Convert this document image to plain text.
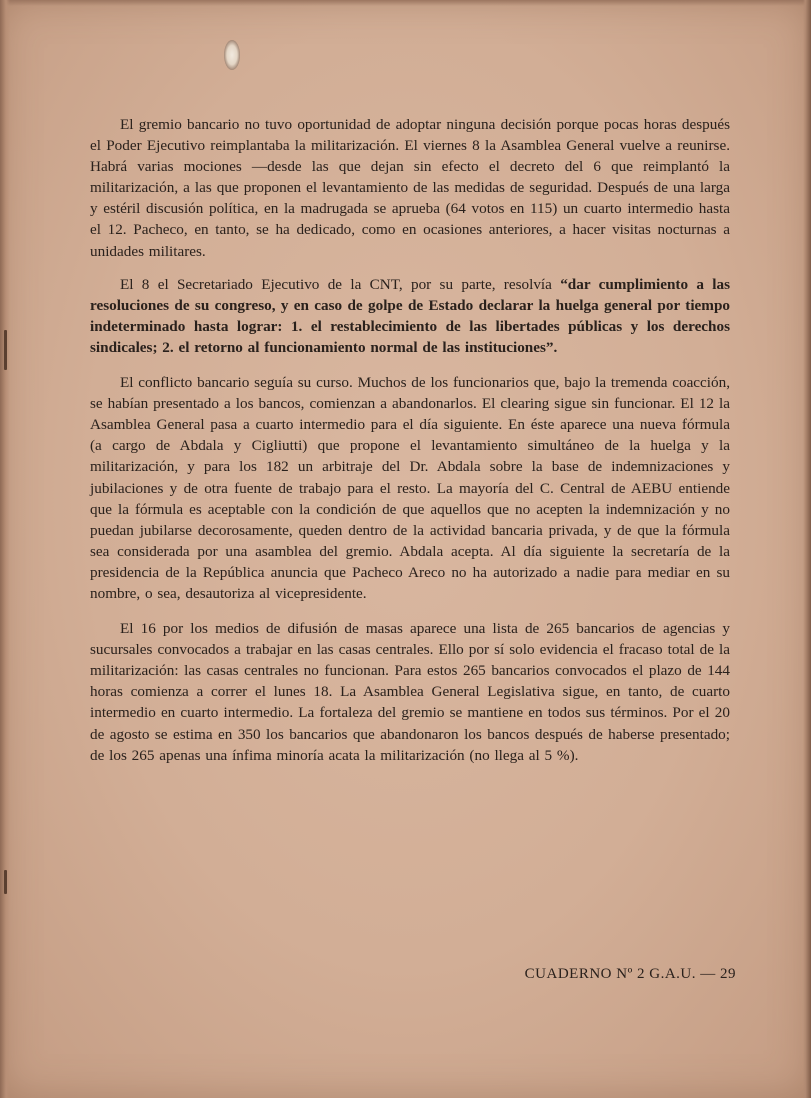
El gremio bancario no tuvo oportunidad de adoptar ninguna decisión porque pocas horas después el Poder Ejecutivo reimplantaba la militarización. El viernes 8 la Asamblea General vuelve a reunirse. Habrá varias mociones —desde las que dejan sin efecto el decreto del 6 que reimplantó la militarización, a las que proponen el levantamiento de las medidas de seguridad. Después de una larga y estéril discusión política, en la madrugada se aprueba (64 votos en 115) un cuarto intermedio hasta el 12. Pacheco, en tanto, se ha dedicado, como en ocasiones anteriores, a hacer visitas nocturnas a unidades militares.

El 8 el Secretariado Ejecutivo de la CNT, por su parte, resolvía “dar cumplimiento a las resoluciones de su congreso, y en caso de golpe de Estado declarar la huelga general por tiempo indeterminado hasta lograr: 1. el restablecimiento de las libertades públicas y los derechos sindicales; 2. el retorno al funcionamiento normal de las instituciones”.

El conflicto bancario seguía su curso. Muchos de los funcionarios que, bajo la tremenda coacción, se habían presentado a los bancos, comienzan a abandonarlos. El clearing sigue sin funcionar. El 12 la Asamblea General pasa a cuarto intermedio para el día siguiente. En éste aparece una nueva fórmula (a cargo de Abdala y Cigliutti) que propone el levantamiento simultáneo de la huelga y la militarización, y para los 182 un arbitraje del Dr. Abdala sobre la base de indemnizaciones y jubilaciones y de otra fuente de trabajo para el resto. La mayoría del C. Central de AEBU entiende que la fórmula es aceptable con la condición de que aquellos que no acepten la indemnización y no puedan jubilarse decorosamente, queden dentro de la actividad bancaria privada, y de que la fórmula sea considerada por una asamblea del gremio. Abdala acepta. Al día siguiente la secretaría de la presidencia de la República anuncia que Pacheco Areco no ha autorizado a nadie para mediar en su nombre, o sea, desautoriza al vicepresidente.

El 16 por los medios de difusión de masas aparece una lista de 265 bancarios de agencias y sucursales convocados a trabajar en las casas centrales. Ello por sí solo evidencia el fracaso total de la militarización: las casas centrales no funcionan. Para estos 265 bancarios convocados el plazo de 144 horas comienza a correr el lunes 18. La Asamblea General Legislativa sigue, en tanto, de cuarto intermedio en cuarto intermedio. La fortaleza del gremio se mantiene en todos sus términos. Por el 20 de agosto se estima en 350 los bancarios que abandonaron los bancos después de haberse presentado; de los 265 apenas una ínfima minoría acata la militarización (no llega al 5 %).

CUADERNO Nº 2 G.A.U. — 29
